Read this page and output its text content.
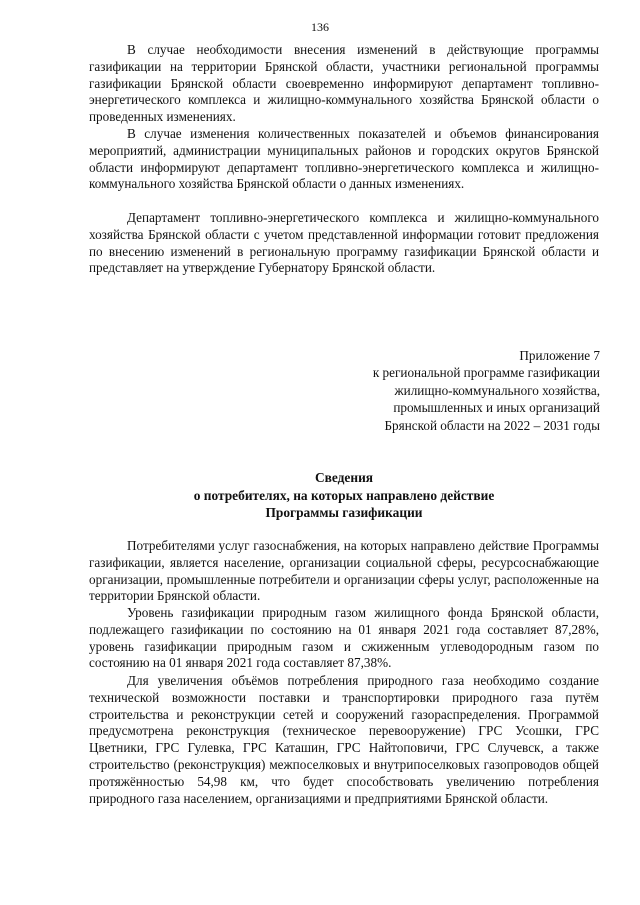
136

В случае необходимости внесения изменений в действующие программы газификации на территории Брянской области, участники региональной программы газификации Брянской области своевременно информируют департамент топливно-энергетического комплекса и жилищно-коммунального хозяйства Брянской области о проведенных изменениях.

В случае изменения количественных показателей и объемов финансирования мероприятий, администрации муниципальных районов и городских округов Брянской области информируют департамент топливно-энергетического комплекса и жилищно-коммунального хозяйства Брянской области о данных изменениях.

Департамент топливно-энергетического комплекса и жилищно-коммунального хозяйства Брянской области с учетом представленной информации готовит предложения по внесению изменений в региональную программу газификации Брянской области и представляет на утверждение Губернатору Брянской области.

Приложение 7
к региональной программе газификации
жилищно-коммунального хозяйства,
промышленных и иных организаций
Брянской области на 2022 – 2031 годы
Сведения
о потребителях, на которых направлено действие
Программы газификации

Потребителями услуг газоснабжения, на которых направлено действие Программы газификации, является население, организации социальной сферы, ресурсоснабжающие организации, промышленные потребители и организации сферы услуг, расположенные на территории Брянской области.

Уровень газификации природным газом жилищного фонда Брянской области, подлежащего газификации по состоянию на 01 января 2021 года составляет 87,28%, уровень газификации природным газом и сжиженным углеводородным газом по состоянию на 01 января 2021 года составляет 87,38%.

Для увеличения объёмов потребления природного газа необходимо создание технической возможности поставки и транспортировки природного газа путём строительства и реконструкции сетей и сооружений газораспределения. Программой предусмотрена реконструкция (техническое перевооружение) ГРС Усошки, ГРС Цветники, ГРС Гулевка, ГРС Каташин, ГРС Найтоповичи, ГРС Случевск, а также строительство (реконструкция) межпоселковых и внутрипоселковых газопроводов общей протяжённостью 54,98 км, что будет способствовать увеличению потребления природного газа населением, организациями и предприятиями Брянской области.
